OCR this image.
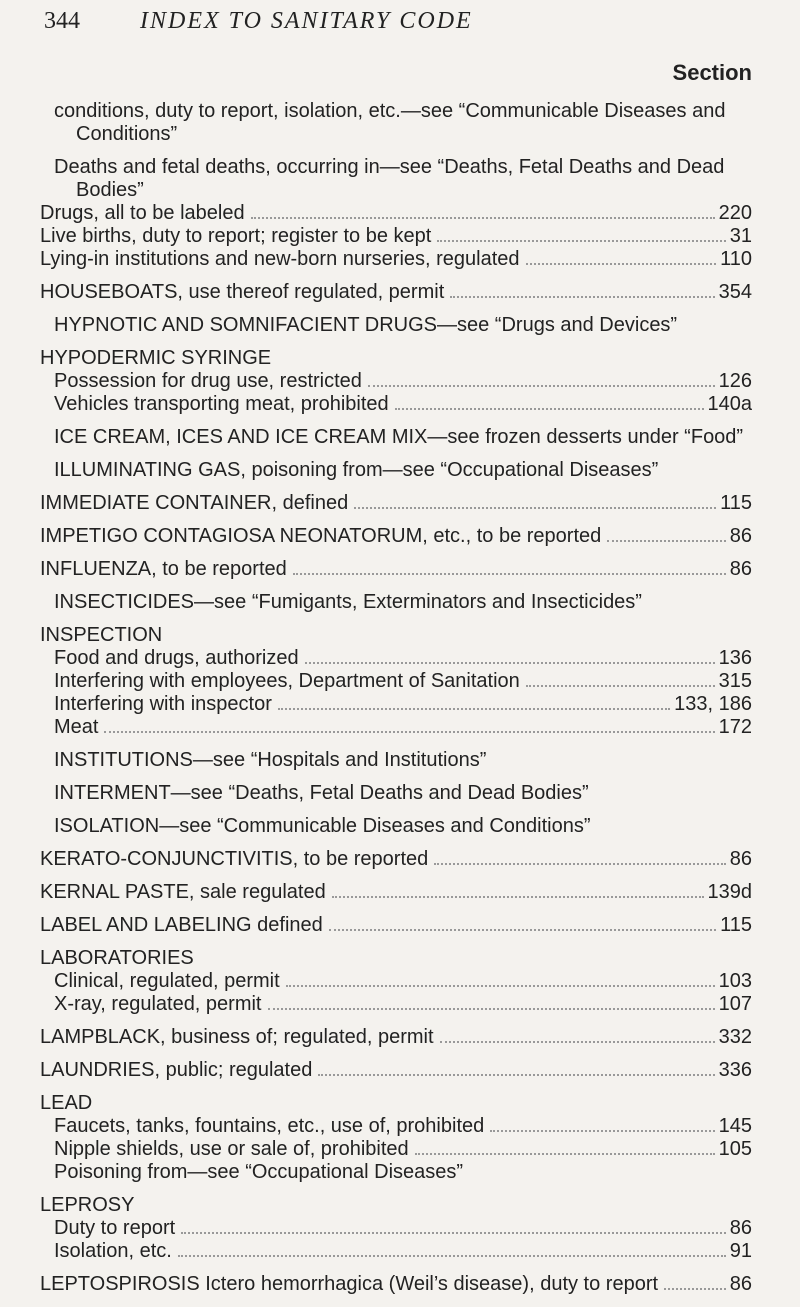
344	INDEX TO SANITARY CODE
Section

conditions, duty to report, isolation, etc.—see “Communicable Diseases and Conditions”

Deaths and fetal deaths, occurring in—see “Deaths, Fetal Deaths and Dead Bodies”

Drugs, all to be labeled	220
Live births, duty to report; register to be kept	31
Lying-in institutions and new-born nurseries, regulated	110
HOUSEBOATS, use thereof regulated, permit	354

HYPNOTIC AND SOMNIFACIENT DRUGS—see “Drugs and Devices”

HYPODERMIC SYRINGE

Possession for drug use, restricted	126
Vehicles transporting meat, prohibited	140a

ICE CREAM, ICES AND ICE CREAM MIX—see frozen desserts under “Food”

ILLUMINATING GAS, poisoning from—see “Occupational Diseases”

IMMEDIATE CONTAINER, defined	115
IMPETIGO CONTAGIOSA NEONATORUM, etc., to be reported	86
INFLUENZA, to be reported	86

INSECTICIDES—see “Fumigants, Exterminators and Insecticides”

INSPECTION

Food and drugs, authorized	136
Interfering with employees, Department of Sanitation	315
Interfering with inspector	133, 186
Meat	172

INSTITUTIONS—see “Hospitals and Institutions”

INTERMENT—see “Deaths, Fetal Deaths and Dead Bodies”

ISOLATION—see “Communicable Diseases and Conditions”

KERATO-CONJUNCTIVITIS, to be reported	86
KERNAL PASTE, sale regulated	139d
LABEL AND LABELING defined	115

LABORATORIES

Clinical, regulated, permit	103
X-ray, regulated, permit	107
LAMPBLACK, business of; regulated, permit	332
LAUNDRIES, public; regulated	336

LEAD

Faucets, tanks, fountains, etc., use of, prohibited	145
Nipple shields, use or sale of, prohibited	105

Poisoning from—see “Occupational Diseases”

LEPROSY

Duty to report	86
Isolation, etc.	91
LEPTOSPIROSIS Ictero hemorrhagica (Weil’s disease), duty to report	86
